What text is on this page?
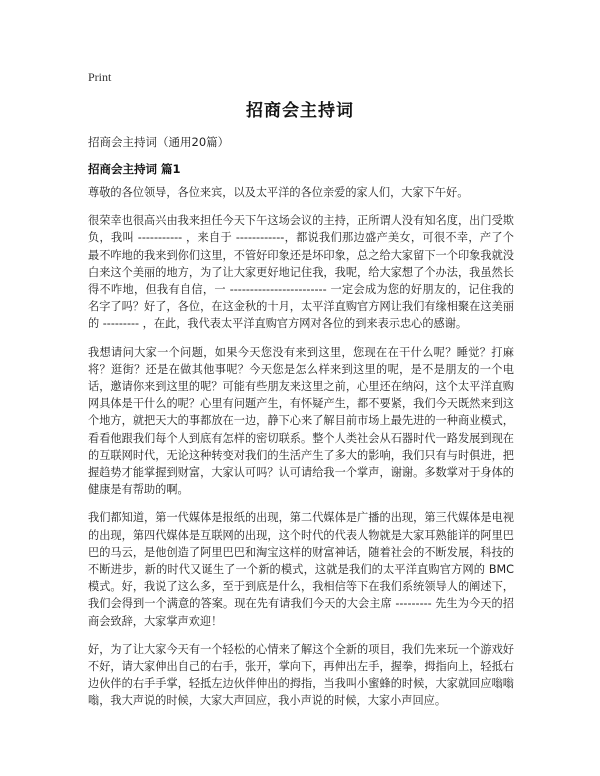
Print
招商会主持词
招商会主持词（通用20篇）
招商会主持词 篇1

尊敬的各位领导，各位来宾，以及太平洋的各位亲爱的家人们，大家下午好。

很荣幸也很高兴由我来担任今天下午这场会议的主持，正所谓人没有知名度，出门受欺负，我叫 ----------- ，来自于 ------------，都说我们那边盛产美女，可很不幸，产了个最不咋地的我来到你们这里，不管好印象还是坏印象，总之给大家留下一个印象我就没白来这个美丽的地方，为了让大家更好地记住我，我呢，给大家想了个办法，我虽然长得不咋地，但我有自信，一 ------------------------ 一定会成为您的好朋友的，记住我的名字了吗？好了，各位，在这金秋的十月，太平洋直购官方网让我们有缘相聚在这美丽的 --------- ，在此，我代表太平洋直购官方网对各位的到来表示忠心的感谢。

我想请问大家一个问题，如果今天您没有来到这里，您现在在干什么呢？睡觉？打麻将？逛街？还是在做其他事呢？今天您是怎么样来到这里的呢，是不是朋友的一个电话，邀请你来到这里的呢？可能有些朋友来这里之前，心里还在纳闷，这个太平洋直购网具体是干什么的呢？心里有问题产生，有怀疑产生，都不要紧，我们今天既然来到这个地方，就把天大的事都放在一边，静下心来了解目前市场上最先进的一种商业模式，看看他跟我们每个人到底有怎样的密切联系。整个人类社会从石器时代一路发展到现在的互联网时代，无论这种转变对我们的生活产生了多大的影响，我们只有与时俱进，把握趋势才能掌握到财富，大家认可吗？认可请给我一个掌声，谢谢。多数掌对于身体的健康是有帮助的啊。

我们都知道，第一代媒体是报纸的出现，第二代媒体是广播的出现，第三代媒体是电视的出现，第四代媒体是互联网的出现，这个时代的代表人物就是大家耳熟能详的阿里巴巴的马云，是他创造了阿里巴巴和淘宝这样的财富神话，随着社会的不断发展，科技的不断进步，新的时代又诞生了一个新的模式，这就是我们的太平洋直购官方网的 BMC 模式。好，我说了这么多，至于到底是什么，我相信等下在我们系统领导人的阐述下，我们会得到一个满意的答案。现在先有请我们今天的大会主席 --------- 先生为今天的招商会致辞，大家掌声欢迎！

好，为了让大家今天有一个轻松的心情来了解这个全新的项目，我们先来玩一个游戏好不好，请大家伸出自己的右手，张开，掌向下，再伸出左手，握拳，拇指向上，轻抵右边伙伴的右手手掌，轻抵左边伙伴伸出的拇指，当我叫小蜜蜂的时候，大家就回应嗡嗡嗡，我大声说的时候，大家大声回应，我小声说的时候，大家小声回应。
